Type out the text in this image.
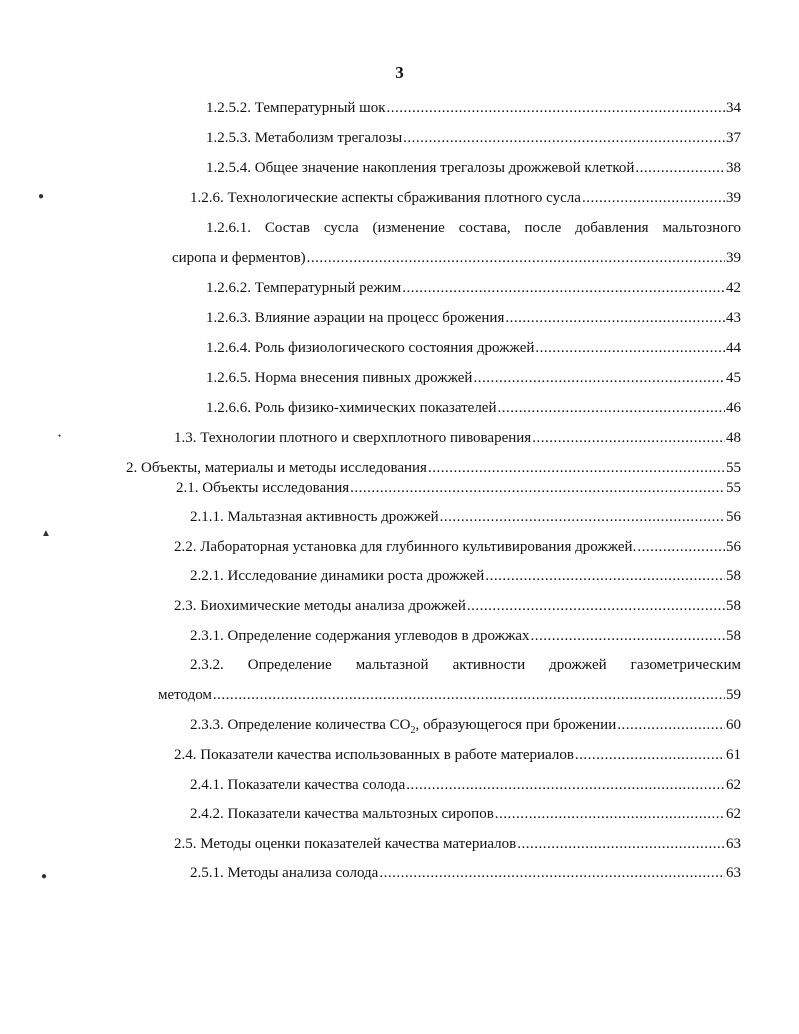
3
1.2.5.2. Температурный шок .....	34
1.2.5.3. Метаболизм трегалозы .....	37
1.2.5.4. Общее значение накопления трегалозы дрожжевой клеткой .....	38
1.2.6. Технологические аспекты сбраживания плотного сусла .....	39
1.2.6.1. Состав сусла (изменение состава, после добавления мальтозного
сиропа и ферментов) .....	39
1.2.6.2. Температурный режим .....	42
1.2.6.3. Влияние аэрации на процесс брожения .....	43
1.2.6.4. Роль физиологического состояния дрожжей .....	44
1.2.6.5. Норма внесения пивных дрожжей .....	45
1.2.6.6. Роль физико-химических показателей .....	46
1.3. Технологии плотного и сверхплотного пивоварения .....	48
2. Объекты, материалы и методы исследования .....	55
2.1. Объекты исследования .....	55
2.1.1. Мальтазная активность дрожжей .....	56
2.2. Лабораторная установка для глубинного культивирования дрожжей. .....	56
2.2.1. Исследование динамики роста дрожжей .....	58
2.3. Биохимические методы анализа дрожжей .....	58
2.3.1. Определение содержания углеводов в дрожжах .....	58
2.3.2. Определение мальтазной активности дрожжей газометрическим
методом .....	59
2.3.3. Определение количества $СО_2$, образующегося при брожении .....	60
2.4. Показатели качества использованных в работе материалов .....	61
2.4.1. Показатели качества солода .....	62
2.4.2. Показатели качества мальтозных сиропов .....	62
2.5. Методы оценки показателей качества материалов .....	63
2.5.1. Методы анализа солода .....	63
●
●
▲
●
